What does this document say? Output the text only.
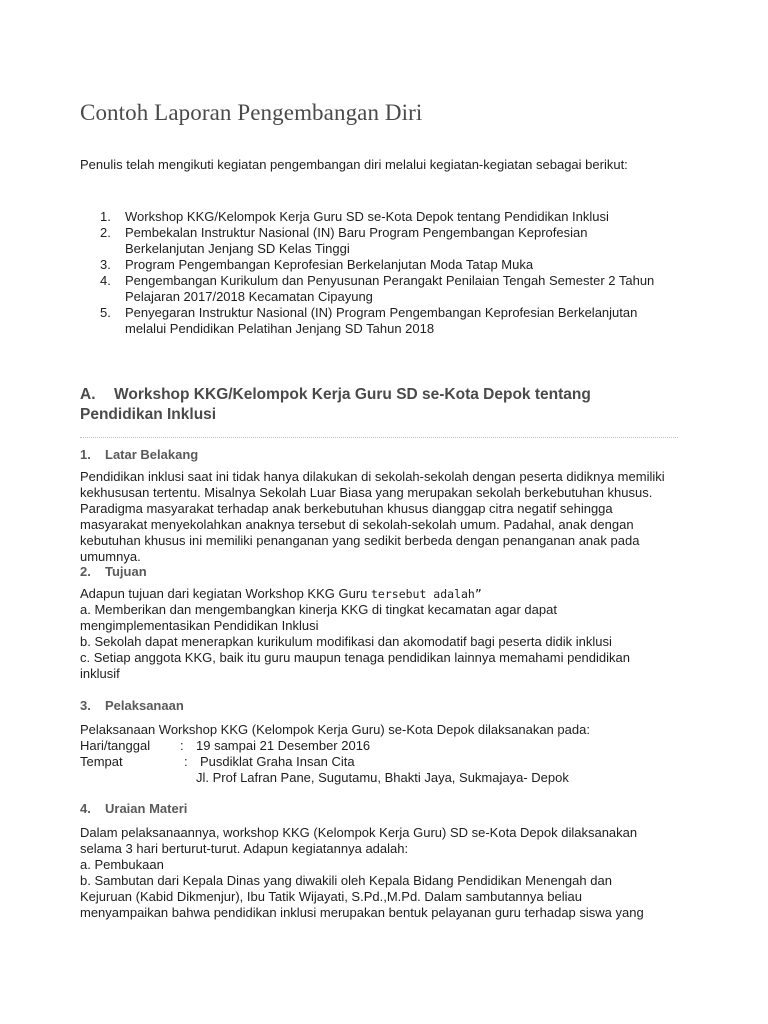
Contoh Laporan Pengembangan Diri

Penulis telah mengikuti kegiatan pengembangan diri melalui kegiatan-kegiatan sebagai berikut:

1. Workshop KKG/Kelompok Kerja Guru SD se-Kota Depok tentang Pendidikan Inklusi
2. Pembekalan Instruktur Nasional (IN) Baru Program Pengembangan Keprofesian
Berkelanjutan Jenjang SD Kelas Tinggi
3. Program Pengembangan Keprofesian Berkelanjutan Moda Tatap Muka
4. Pengembangan Kurikulum dan Penyusunan Perangakt Penilaian Tengah Semester 2 Tahun
Pelajaran 2017/2018 Kecamatan Cipayung
5. Penyegaran Instruktur Nasional (IN) Program Pengembangan Keprofesian Berkelanjutan
melalui Pendidikan Pelatihan Jenjang SD Tahun 2018
A. Workshop KKG/Kelompok Kerja Guru SD se-Kota Depok tentang
Pendidikan Inklusi
1. Latar Belakang

Pendidikan inklusi saat ini tidak hanya dilakukan di sekolah-sekolah dengan peserta didiknya memiliki

kekhususan tertentu. Misalnya Sekolah Luar Biasa yang merupakan sekolah berkebutuhan khusus.

Paradigma masyarakat terhadap anak berkebutuhan khusus dianggap citra negatif sehingga

masyarakat menyekolahkan anaknya tersebut di sekolah-sekolah umum. Padahal, anak dengan

kebutuhan khusus ini memiliki penanganan yang sedikit berbeda dengan penanganan anak pada

umumnya.

2. Tujuan

Adapun tujuan dari kegiatan Workshop KKG Guru tersebut adalah”

a. Memberikan dan mengembangkan kinerja KKG di tingkat kecamatan agar dapat

mengimplementasikan Pendidikan Inklusi

b. Sekolah dapat menerapkan kurikulum modifikasi dan akomodatif bagi peserta didik inklusi

c. Setiap anggota KKG, baik itu guru maupun tenaga pendidikan lainnya memahami pendidikan

inklusif

3. Pelaksanaan

Pelaksanaan Workshop KKG (Kelompok Kerja Guru) se-Kota Depok dilaksanakan pada:

Hari/tanggal	: 19 sampai 21 Desember 2016
Tempat	: Pusdiklat Graha Insan Cita
Jl. Prof Lafran Pane, Sugutamu, Bhakti Jaya, Sukmajaya- Depok
4. Uraian Materi

Dalam pelaksanaannya, workshop KKG (Kelompok Kerja Guru) SD se-Kota Depok dilaksanakan

selama 3 hari berturut-turut. Adapun kegiatannya adalah:

a. Pembukaan

b. Sambutan dari Kepala Dinas yang diwakili oleh Kepala Bidang Pendidikan Menengah dan

Kejuruan (Kabid Dikmenjur), Ibu Tatik Wijayati, S.Pd.,M.Pd. Dalam sambutannya beliau

menyampaikan bahwa pendidikan inklusi merupakan bentuk pelayanan guru terhadap siswa yang
